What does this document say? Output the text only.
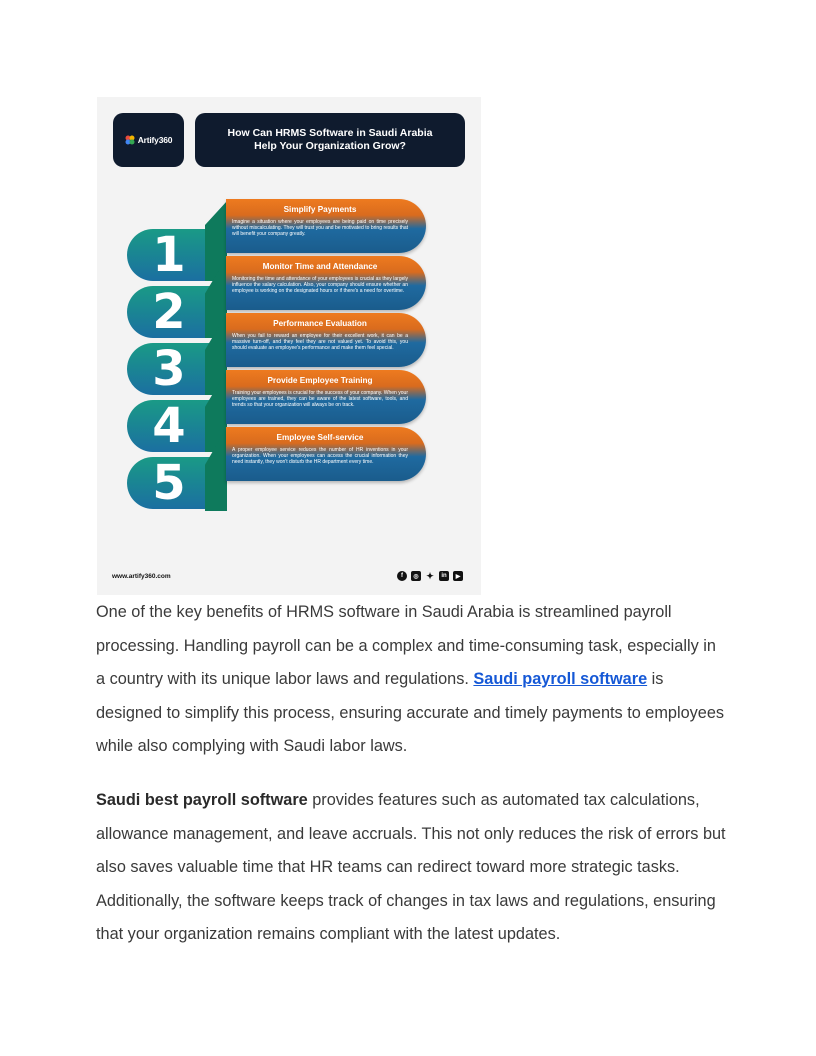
Artify360
How Can HRMS Software in Saudi Arabia Help Your Organization Grow?
1
Simplify Payments
Imagine a situation where your employees are being paid on time precisely without miscalculating. They will trust you and be motivated to bring results that will benefit your company greatly.
2
Monitor Time and Attendance
Monitoring the time and attendance of your employees is crucial as they largely influence the salary calculation. Also, your company should ensure whether an employee is working on the designated hours or if there's a need for overtime.
3
Performance Evaluation
When you fail to reward an employee for their excellent work, it can be a massive turn-off, and they feel they are not valued yet. To avoid this, you should evaluate an employee's performance and make them feel special.
4
Provide Employee Training
Training your employees is crucial for the success of your company. When your employees are trained, they can be aware of the latest software, tools, and trends so that your organization will always be on track.
5
Employee Self-service
A proper employee service reduces the number of HR inventions in your organization. When your employees can access the crucial information they need instantly, they won't disturb the HR department every time.
www.artify360.com	f	◎ ✦	in	▶

One of the key benefits of HRMS software in Saudi Arabia is streamlined payroll processing. Handling payroll can be a complex and time-consuming task, especially in a country with its unique labor laws and regulations. Saudi payroll software is designed to simplify this process, ensuring accurate and timely payments to employees while also complying with Saudi labor laws.

Saudi best payroll software provides features such as automated tax calculations, allowance management, and leave accruals. This not only reduces the risk of errors but also saves valuable time that HR teams can redirect toward more strategic tasks. Additionally, the software keeps track of changes in tax laws and regulations, ensuring that your organization remains compliant with the latest updates.
